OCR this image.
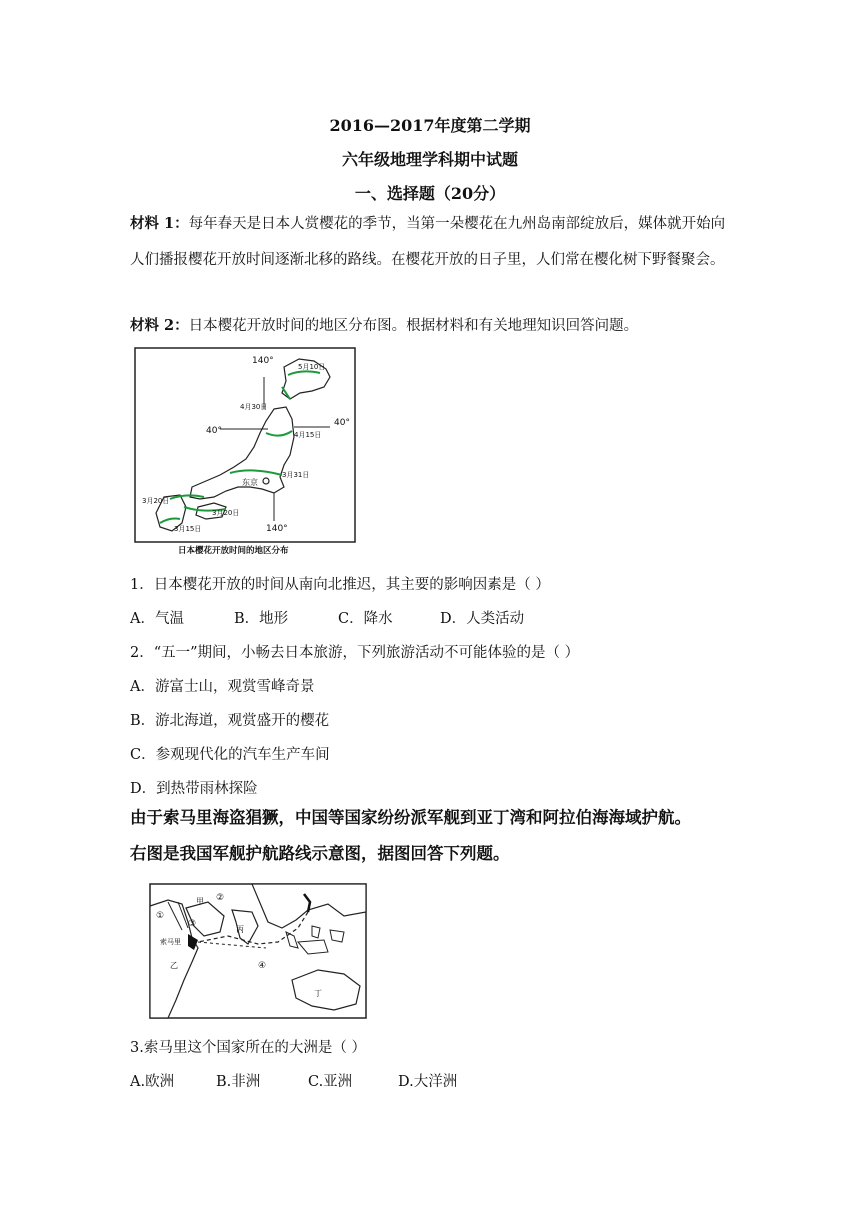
2016—2017年度第二学期
六年级地理学科期中试题
一、选择题（20分）
材料 1：每年春天是日本人赏樱花的季节，当第一朵樱花在九州岛南部绽放后，媒体就开始向人们播报樱花开放时间逐渐北移的路线。在樱花开放的日子里，人们常在樱化树下野餐聚会。
材料 2：日本樱花开放时间的地区分布图。根据材料和有关地理知识回答问题。
140°
140°
40°
40°
5月10日
4月30日
4月15日
3月31日
3月20日
3月20日
3月15日
东京
日本樱花开放时间的地区分布
1．日本樱花开放的时间从南向北推迟，其主要的影响因素是（ ）
A．气温	B．地形	C．降水	D．人类活动
2．“五一”期间，小畅去日本旅游，下列旅游活动不可能体验的是（ ）
A．游富士山，观赏雪峰奇景
B．游北海道，观赏盛开的樱花
C．参观现代化的汽车生产车间
D．到热带雨林探险
由于索马里海盗猖獗，中国等国家纷纷派军舰到亚丁湾和阿拉伯海海域护航。
右图是我国军舰护航路线示意图，据图回答下列题。
①
②
③
④
甲
乙
丙
丁
索马里
3.索马里这个国家所在的大洲是（ ）
A.欧洲	B.非洲	C.亚洲	D.大洋洲
